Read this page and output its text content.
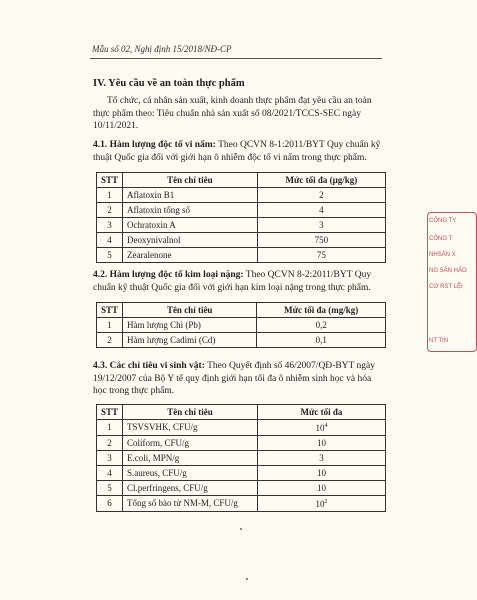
Mẫu số 02, Nghị định 15/2018/NĐ-CP
IV. Yêu cầu về an toàn thực phẩm
Tổ chức, cá nhân sản xuất, kinh doanh thực phẩm đạt yêu cầu an toàn
thực phẩm theo: Tiêu chuẩn nhà sản xuất số 08/2021/TCCS-SEC ngày
10/11/2021.
4.1. Hàm lượng độc tố vi nấm: Theo QCVN 8-1:2011/BYT Quy chuẩn kỹ
thuật Quốc gia đối với giới hạn ô nhiễm độc tố vi nấm trong thực phẩm.
STT	Tên chỉ tiêu	Mức tối đa (µg/kg)
1	Aflatoxin B1	2
2	Aflatoxin tổng số	4
3	Ochratoxin A	3
4	Deoxynivalnol	750
5	Zearalenone	75
4.2. Hàm lượng độc tố kim loại nặng: Theo QCVN 8-2:2011/BYT Quy
chuẩn kỹ thuật Quốc gia đối với giới hạn kim loại nặng trong thực phẩm.
STT	Tên chỉ tiêu	Mức tối đa (mg/kg)
1	Hàm lượng Chì (Pb)	0,2
2	Hàm lượng Cadimi (Cd)	0,1
4.3. Các chỉ tiêu vi sinh vật: Theo Quyết định số 46/2007/QĐ-BYT ngày
19/12/2007 của Bộ Y tế quy định giới hạn tối đa ô nhiễm sinh học và hóa
học trong thực phẩm.
STT	Tên chỉ tiêu	Mức tối đa
1	TSVSVHK, CFU/g	$10^4$
2	Coliform, CFU/g	10
3	E.coli, MPN/g	3
4	S.aureus, CFU/g	10
5	Cl.perfringens, CFU/g	10
6	Tổng số bào tử NM-M, CFU/g	$10^2$
CÔNG TY
CÔNG T
NHSẢN X
NG SẢN HẢO
CƠ RST LỆI
NT TIN
